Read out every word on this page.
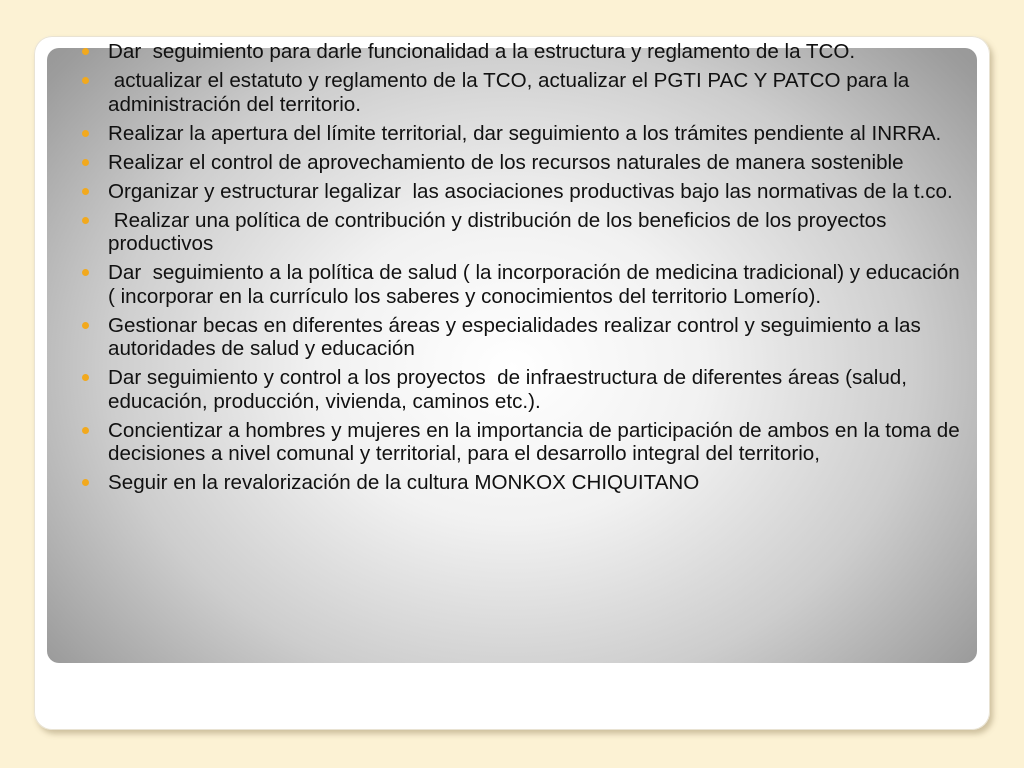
Dar  seguimiento para darle funcionalidad a la estructura y reglamento de la TCO.
actualizar el estatuto y reglamento de la TCO, actualizar el PGTI PAC Y PATCO para la administración del territorio.
Realizar la apertura del límite territorial, dar seguimiento a los trámites pendiente al INRRA.
Realizar el control de aprovechamiento de los recursos naturales de manera sostenible
Organizar y estructurar legalizar  las asociaciones productivas bajo las normativas de la t.co.
Realizar una política de contribución y distribución de los beneficios de los proyectos productivos
Dar  seguimiento a la política de salud ( la incorporación de medicina tradicional) y educación ( incorporar en la currículo los saberes y conocimientos del territorio Lomerío).
Gestionar becas en diferentes áreas y especialidades realizar control y seguimiento a las autoridades de salud y educación
Dar seguimiento y control a los proyectos  de infraestructura de diferentes áreas (salud, educación, producción, vivienda, caminos etc.).
Concientizar a hombres y mujeres en la importancia de participación de ambos en la toma de decisiones a nivel comunal y territorial, para el desarrollo integral del territorio,
Seguir en la revalorización de la cultura MONKOX CHIQUITANO
